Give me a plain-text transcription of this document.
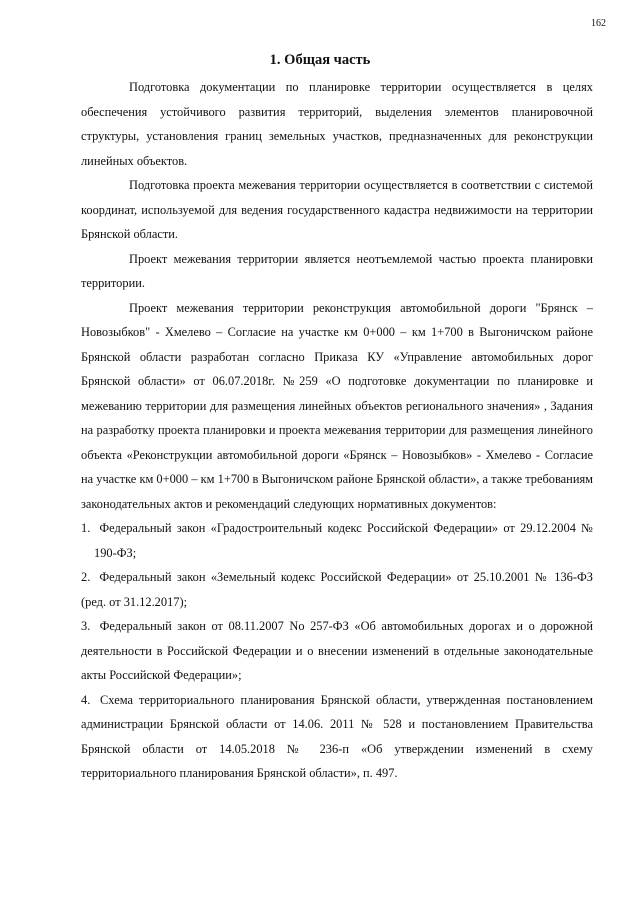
162
1. Общая часть

Подготовка документации по планировке территории осуществляется в целях обеспечения устойчивого развития территорий, выделения элементов планировочной структуры, установления границ земельных участков, предназначенных для реконструкции линейных объектов.

Подготовка проекта межевания территории осуществляется в соответствии с системой координат, используемой для ведения государственного кадастра недвижимости на территории Брянской области.

Проект межевания территории является неотъемлемой частью проекта планировки территории.

Проект межевания территории реконструкция автомобильной дороги "Брянск – Новозыбков" - Хмелево – Согласие на участке км 0+000 – км 1+700 в Выгоничском районе Брянской области разработан согласно Приказа КУ «Управление автомобильных дорог Брянской области» от 06.07.2018г. №259 «О подготовке документации по планировке и межеванию территории для размещения линейных объектов регионального значения» , Задания на разработку проекта планировки и проекта межевания территории для размещения линейного объекта «Реконструкции автомобильной дороги «Брянск – Новозыбков» - Хмелево - Согласие на участке км 0+000 – км 1+700 в Выгоничском районе Брянской области», а также требованиям законодательных актов и рекомендаций следующих нормативных документов:

1. Федеральный закон «Градостроительный кодекс Российской Федерации» от 29.12.2004 № 190-ФЗ;

2. Федеральный закон «Земельный кодекс Российской Федерации» от 25.10.2001 № 136-ФЗ (ред. от 31.12.2017);

3. Федеральный закон от 08.11.2007 No 257-ФЗ «Об автомобильных дорогах и о дорожной деятельности в Российской Федерации и о внесении изменений в отдельные законодательные акты Российской Федерации»;

4. Схема территориального планирования Брянской области, утвержденная постановлением администрации Брянской области от 14.06. 2011 № 528 и постановлением Правительства Брянской области от 14.05.2018 № 236-п «Об утверждении изменений в схему территориального планирования Брянской области», п. 497.
